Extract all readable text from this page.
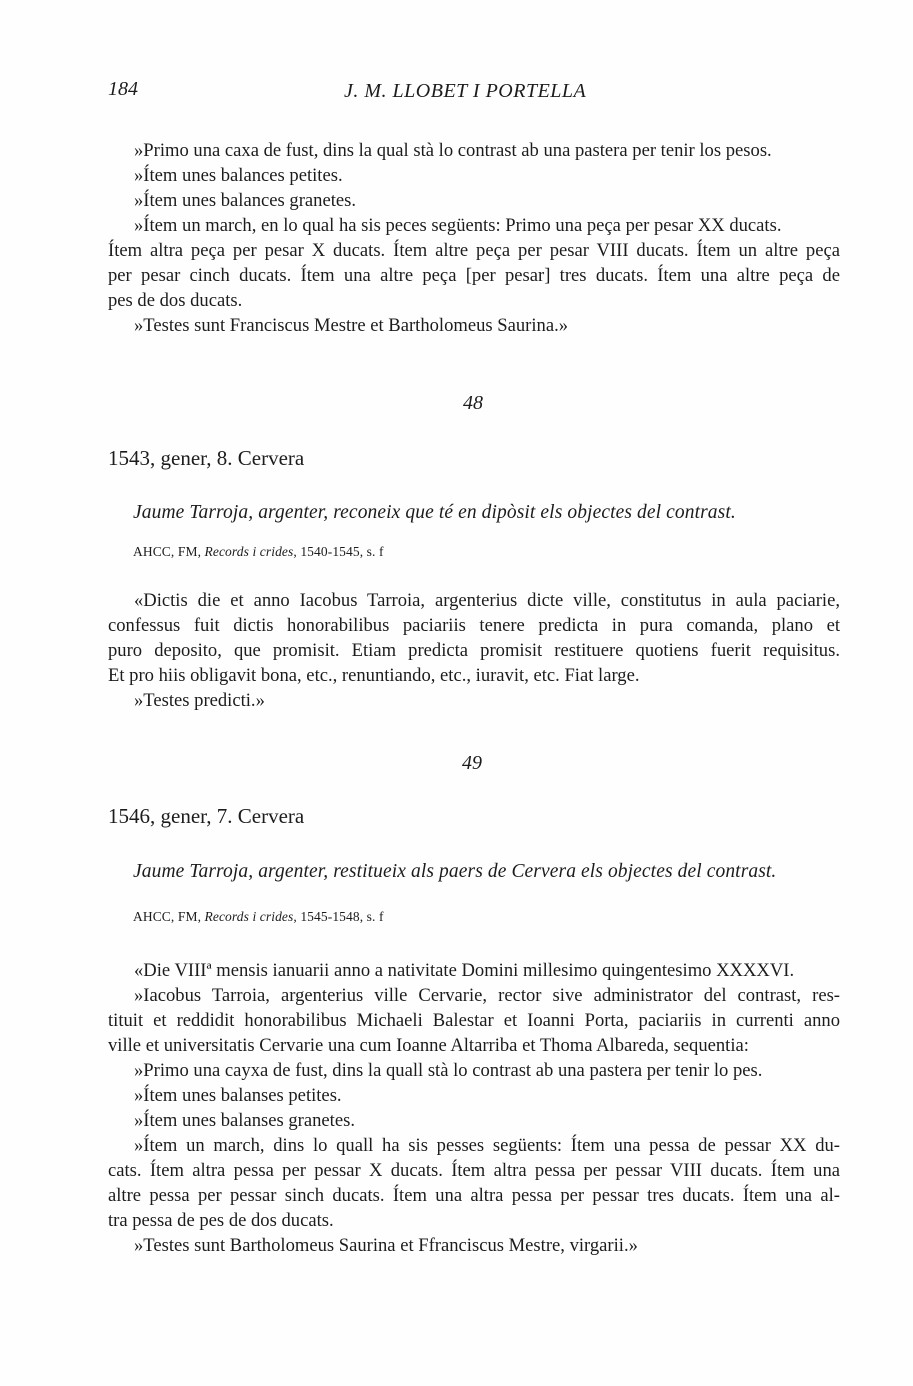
184	J. M. LLOBET I PORTELLA
»Primo una caxa de fust, dins la qual stà lo contrast ab una pastera per tenir los pesos.
»Ítem unes balances petites.
»Ítem unes balances granetes.
»Ítem un march, en lo qual ha sis peces següents: Primo una peça per pesar XX ducats.
Ítem altra peça per pesar X ducats. Ítem altre peça per pesar VIII ducats. Ítem un altre peça
per pesar cinch ducats. Ítem una altre peça [per pesar] tres ducats. Ítem una altre peça de
pes de dos ducats.
»Testes sunt Franciscus Mestre et Bartholomeus Saurina.»
48
1543, gener, 8. Cervera
Jaume Tarroja, argenter, reconeix que té en dipòsit els objectes del contrast.
AHCC, FM, Records i crides, 1540-1545, s. f
«Dictis die et anno Iacobus Tarroia, argenterius dicte ville, constitutus in aula paciarie,
confessus fuit dictis honorabilibus paciariis tenere predicta in pura comanda, plano et
puro deposito, que promisit. Etiam predicta promisit restituere quotiens fuerit requisitus.
Et pro hiis obligavit bona, etc., renuntiando, etc., iuravit, etc. Fiat large.
»Testes predicti.»
49
1546, gener, 7. Cervera
Jaume Tarroja, argenter, restitueix als paers de Cervera els objectes del contrast.
AHCC, FM, Records i crides, 1545-1548, s. f
«Die VIIIª mensis ianuarii anno a nativitate Domini millesimo quingentesimo XXXXVI.
»Iacobus Tarroia, argenterius ville Cervarie, rector sive administrator del contrast, res-
tituit et reddidit honorabilibus Michaeli Balestar et Ioanni Porta, paciariis in currenti anno
ville et universitatis Cervarie una cum Ioanne Altarriba et Thoma Albareda, sequentia:
»Primo una cayxa de fust, dins la quall stà lo contrast ab una pastera per tenir lo pes.
»Ítem unes balanses petites.
»Ítem unes balanses granetes.
»Ítem un march, dins lo quall ha sis pesses següents: Ítem una pessa de pessar XX du-
cats. Ítem altra pessa per pessar X ducats. Ítem altra pessa per pessar VIII ducats. Ítem una
altre pessa per pessar sinch ducats. Ítem una altra pessa per pessar tres ducats. Ítem una al-
tra pessa de pes de dos ducats.
»Testes sunt Bartholomeus Saurina et Ffranciscus Mestre, virgarii.»
